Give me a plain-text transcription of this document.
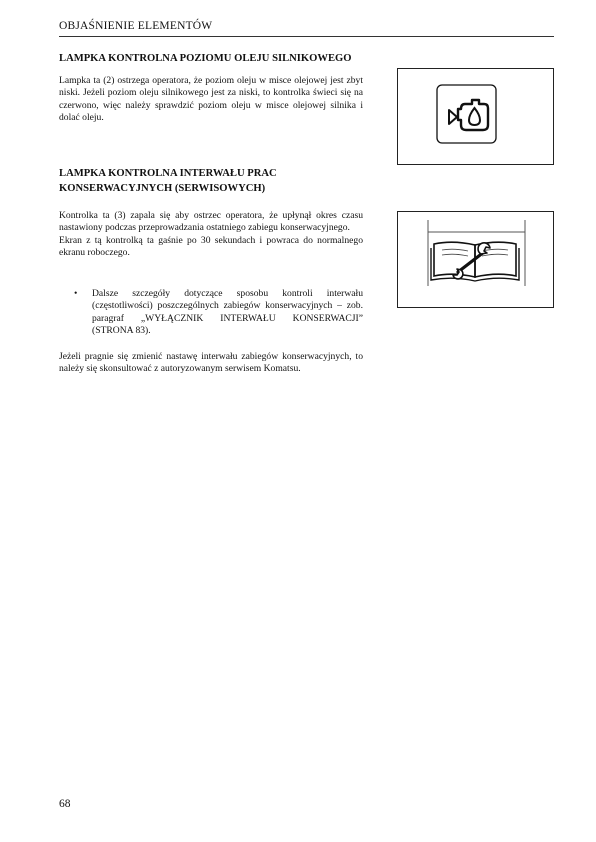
OBJAŚNIENIE ELEMENTÓW
LAMPKA KONTROLNA POZIOMU OLEJU SILNIKOWEGO

Lampka ta (2) ostrzega operatora, że poziom oleju w misce olejowej jest zbyt niski. Jeżeli poziom oleju silnikowego jest za niski, to kontrolka świeci się na czerwono, więc należy sprawdzić poziom oleju w misce olejowej silnika i dolać oleju.

LAMPKA KONTROLNA INTERWAŁU PRAC
KONSERWACYJNYCH (SERWISOWYCH)

Kontrolka ta (3) zapala się aby ostrzec operatora, że upłynął okres czasu nastawiony podczas przeprowadzania ostatniego zabiegu konserwacyjnego.

Ekran z tą kontrolką ta gaśnie po 30 sekundach i powraca do normalnego ekranu roboczego.

• Dalsze szczegóły dotyczące sposobu kontroli interwału (częstotliwości) poszczególnych zabiegów konserwacyjnych – zob. paragraf „WYŁĄCZNIK INTERWAŁU KONSERWACJI” (STRONA 83).

Jeżeli pragnie się zmienić nastawę interwału zabiegów konserwacyjnych, to należy się skonsultować z autoryzowanym serwisem Komatsu.

68
